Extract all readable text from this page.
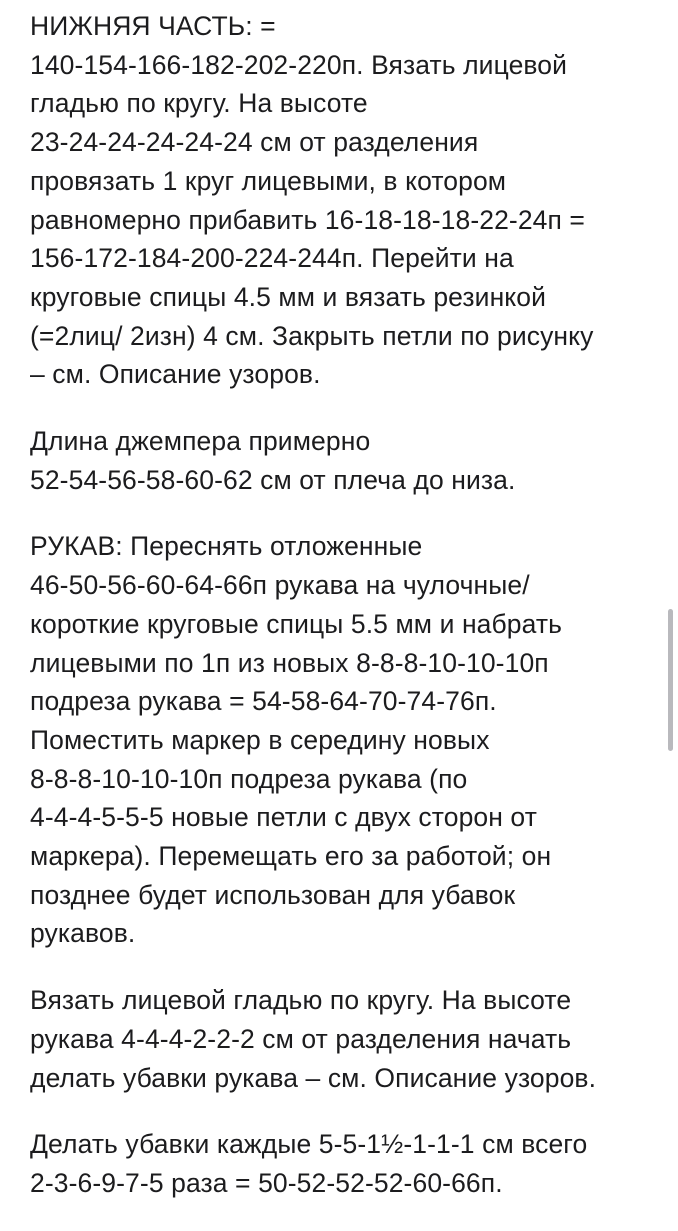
НИЖНЯЯ ЧАСТЬ: =
140-154-166-182-202-220п. Вязать лицевой
гладью по кругу. На высоте
23-24-24-24-24-24 см от разделения
провязать 1 круг лицевыми, в котором
равномерно прибавить 16-18-18-18-22-24п =
156-172-184-200-224-244п. Перейти на
круговые спицы 4.5 мм и вязать резинкой
(=2лиц/ 2изн) 4 см. Закрыть петли по рисунку
– см. Описание узоров.
Длина джемпера примерно
52-54-56-58-60-62 см от плеча до низа.
РУКАВ: Переснять отложенные
46-50-56-60-64-66п рукава на чулочные/
короткие круговые спицы 5.5 мм и набрать
лицевыми по 1п из новых 8-8-8-10-10-10п
подреза рукава = 54-58-64-70-74-76п.
Поместить маркер в середину новых
8-8-8-10-10-10п подреза рукава (по
4-4-4-5-5-5 новые петли с двух сторон от
маркера). Перемещать его за работой; он
позднее будет использован для убавок
рукавов.
Вязать лицевой гладью по кругу. На высоте
рукава 4-4-4-2-2-2 см от разделения начать
делать убавки рукава – см. Описание узоров.
Делать убавки каждые 5-5-1½-1-1-1 см всего
2-3-6-9-7-5 раза = 50-52-52-52-60-66п.
